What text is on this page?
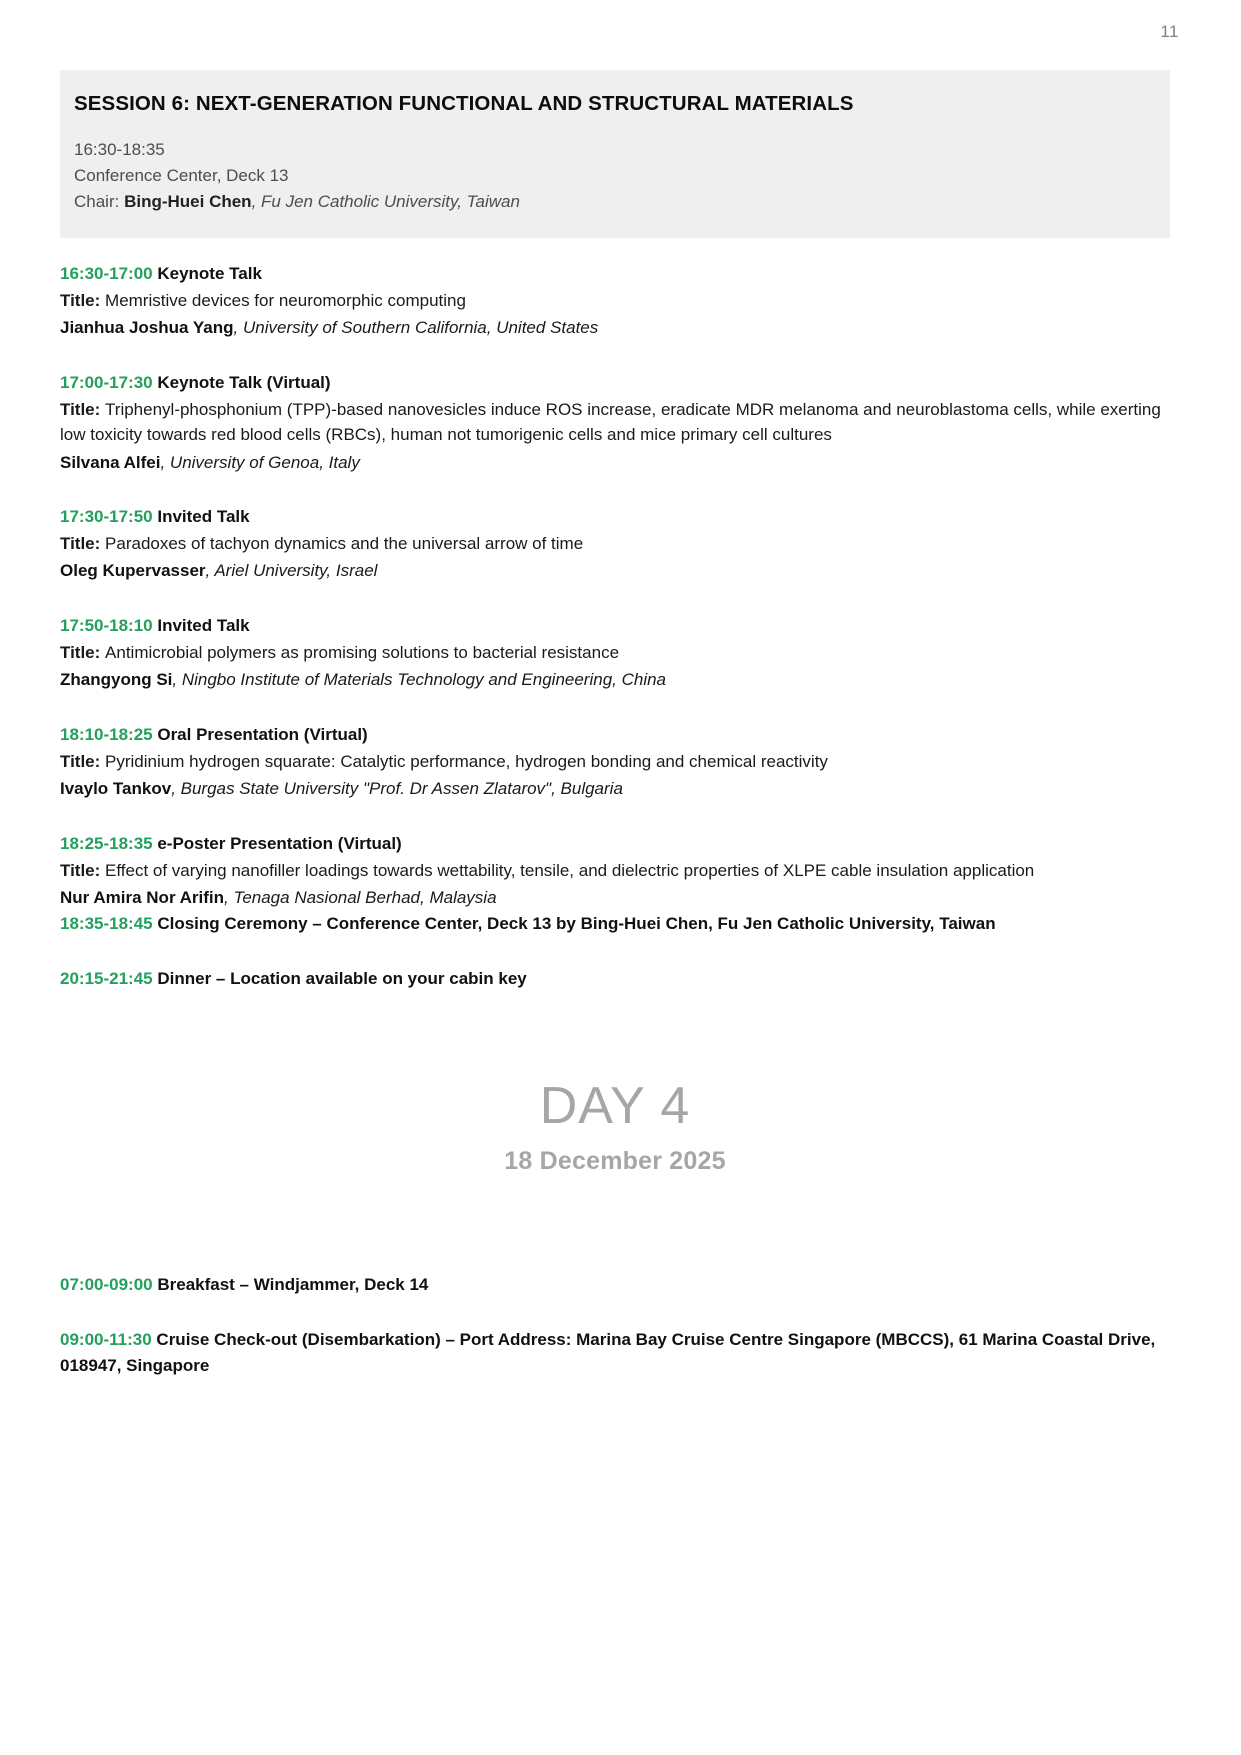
11
SESSION 6: NEXT-GENERATION FUNCTIONAL AND STRUCTURAL MATERIALS
16:30-18:35
Conference Center, Deck 13
Chair: Bing-Huei Chen, Fu Jen Catholic University, Taiwan
16:30-17:00 Keynote Talk
Title: Memristive devices for neuromorphic computing
Jianhua Joshua Yang, University of Southern California, United States
17:00-17:30 Keynote Talk (Virtual)
Title: Triphenyl-phosphonium (TPP)-based nanovesicles induce ROS increase, eradicate MDR melanoma and neuroblastoma cells, while exerting low toxicity towards red blood cells (RBCs), human not tumorigenic cells and mice primary cell cultures
Silvana Alfei, University of Genoa, Italy
17:30-17:50 Invited Talk
Title: Paradoxes of tachyon dynamics and the universal arrow of time
Oleg Kupervasser, Ariel University, Israel
17:50-18:10 Invited Talk
Title: Antimicrobial polymers as promising solutions to bacterial resistance
Zhangyong Si, Ningbo Institute of Materials Technology and Engineering, China
18:10-18:25 Oral Presentation (Virtual)
Title: Pyridinium hydrogen squarate: Catalytic performance, hydrogen bonding and chemical reactivity
Ivaylo Tankov, Burgas State University "Prof. Dr Assen Zlatarov", Bulgaria
18:25-18:35 e-Poster Presentation (Virtual)
Title: Effect of varying nanofiller loadings towards wettability, tensile, and dielectric properties of XLPE cable insulation application
Nur Amira Nor Arifin, Tenaga Nasional Berhad, Malaysia
18:35-18:45 Closing Ceremony – Conference Center, Deck 13 by Bing-Huei Chen, Fu Jen Catholic University, Taiwan
20:15-21:45 Dinner – Location available on your cabin key
DAY 4
18 December 2025
07:00-09:00 Breakfast – Windjammer, Deck 14
09:00-11:30 Cruise Check-out (Disembarkation) – Port Address: Marina Bay Cruise Centre Singapore (MBCCS), 61 Marina Coastal Drive, 018947, Singapore
